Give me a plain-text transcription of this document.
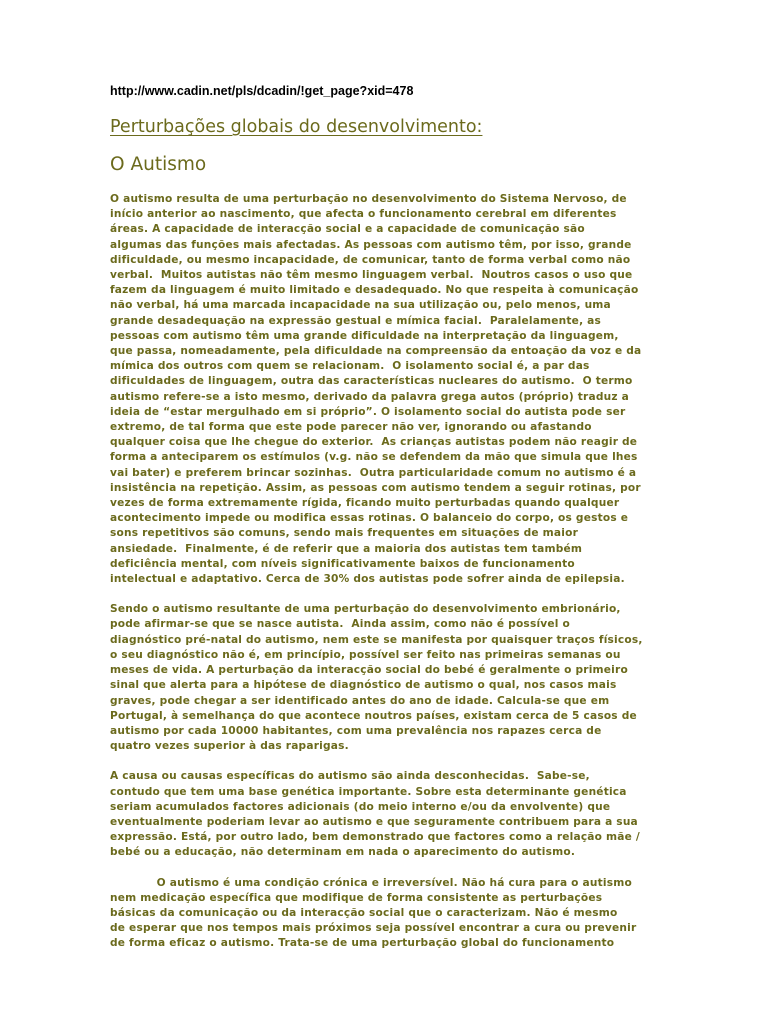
http://www.cadin.net/pls/dcadin/!get_page?xid=478
Perturbações globais do desenvolvimento:
O Autismo

O autismo resulta de uma perturbação no desenvolvimento do Sistema Nervoso, de
início anterior ao nascimento, que afecta o funcionamento cerebral em diferentes
áreas. A capacidade de interacção social e a capacidade de comunicação são
algumas das funções mais afectadas. As pessoas com autismo têm, por isso, grande
dificuldade, ou mesmo incapacidade, de comunicar, tanto de forma verbal como não
verbal.  Muitos autistas não têm mesmo linguagem verbal.  Noutros casos o uso que
fazem da linguagem é muito limitado e desadequado. No que respeita à comunicação
não verbal, há uma marcada incapacidade na sua utilização ou, pelo menos, uma
grande desadequação na expressão gestual e mímica facial.  Paralelamente, as
pessoas com autismo têm uma grande dificuldade na interpretação da linguagem,
que passa, nomeadamente, pela dificuldade na compreensão da entoação da voz e da
mímica dos outros com quem se relacionam.  O isolamento social é, a par das
dificuldades de linguagem, outra das características nucleares do autismo.  O termo
autismo refere-se a isto mesmo, derivado da palavra grega autos (próprio) traduz a
ideia de “estar mergulhado em si próprio”. O isolamento social do autista pode ser
extremo, de tal forma que este pode parecer não ver, ignorando ou afastando
qualquer coisa que lhe chegue do exterior.  As crianças autistas podem não reagir de
forma a anteciparem os estímulos (v.g. não se defendem da mão que simula que lhes
vai bater) e preferem brincar sozinhas.  Outra particularidade comum no autismo é a
insistência na repetição. Assim, as pessoas com autismo tendem a seguir rotinas, por
vezes de forma extremamente rígida, ficando muito perturbadas quando qualquer
acontecimento impede ou modifica essas rotinas. O balanceio do corpo, os gestos e
sons repetitivos são comuns, sendo mais frequentes em situações de maior
ansiedade.  Finalmente, é de referir que a maioria dos autistas tem também
deficiência mental, com níveis significativamente baixos de funcionamento
intelectual e adaptativo. Cerca de 30% dos autistas pode sofrer ainda de epilepsia.

Sendo o autismo resultante de uma perturbação do desenvolvimento embrionário,
pode afirmar-se que se nasce autista.  Ainda assim, como não é possível o
diagnóstico pré-natal do autismo, nem este se manifesta por quaisquer traços físicos,
o seu diagnóstico não é, em princípio, possível ser feito nas primeiras semanas ou
meses de vida. A perturbação da interacção social do bebé é geralmente o primeiro
sinal que alerta para a hipótese de diagnóstico de autismo o qual, nos casos mais
graves, pode chegar a ser identificado antes do ano de idade. Calcula-se que em
Portugal, à semelhança do que acontece noutros países, existam cerca de 5 casos de
autismo por cada 10000 habitantes, com uma prevalência nos rapazes cerca de
quatro vezes superior à das raparigas.

A causa ou causas específicas do autismo são ainda desconhecidas.  Sabe-se,
contudo que tem uma base genética importante. Sobre esta determinante genética
seriam acumulados factores adicionais (do meio interno e/ou da envolvente) que
eventualmente poderiam levar ao autismo e que seguramente contribuem para a sua
expressão. Está, por outro lado, bem demonstrado que factores como a relação mãe /
bebé ou a educação, não determinam em nada o aparecimento do autismo.

O autismo é uma condição crónica e irreversível. Não há cura para o autismo
nem medicação específica que modifique de forma consistente as perturbações
básicas da comunicação ou da interacção social que o caracterizam. Não é mesmo
de esperar que nos tempos mais próximos seja possível encontrar a cura ou prevenir
de forma eficaz o autismo. Trata-se de uma perturbação global do funcionamento
